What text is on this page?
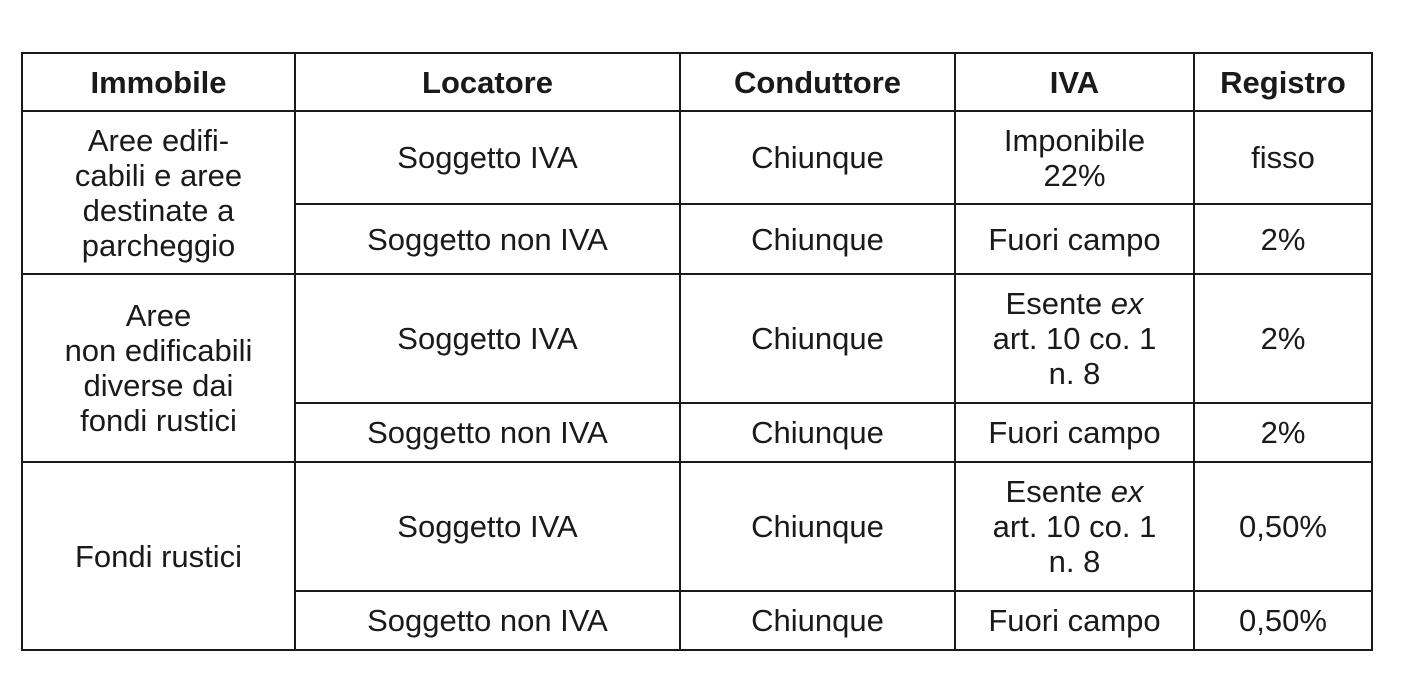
Immobile	Locatore	Conduttore	IVA	Registro

Aree edifi-
cabili e aree
destinate a
parcheggio	Soggetto IVA	Chiunque	Imponibile
22%	fisso
	Soggetto non IVA	Chiunque	Fuori campo	2%

Aree
non edificabili
diverse dai
fondi rustici	Soggetto IVA	Chiunque	Esente ex
art. 10 co. 1
n. 8	2%
	Soggetto non IVA	Chiunque	Fuori campo	2%

Fondi rustici	Soggetto IVA	Chiunque	Esente ex
art. 10 co. 1
n. 8	0,50%
	Soggetto non IVA	Chiunque	Fuori campo	0,50%
